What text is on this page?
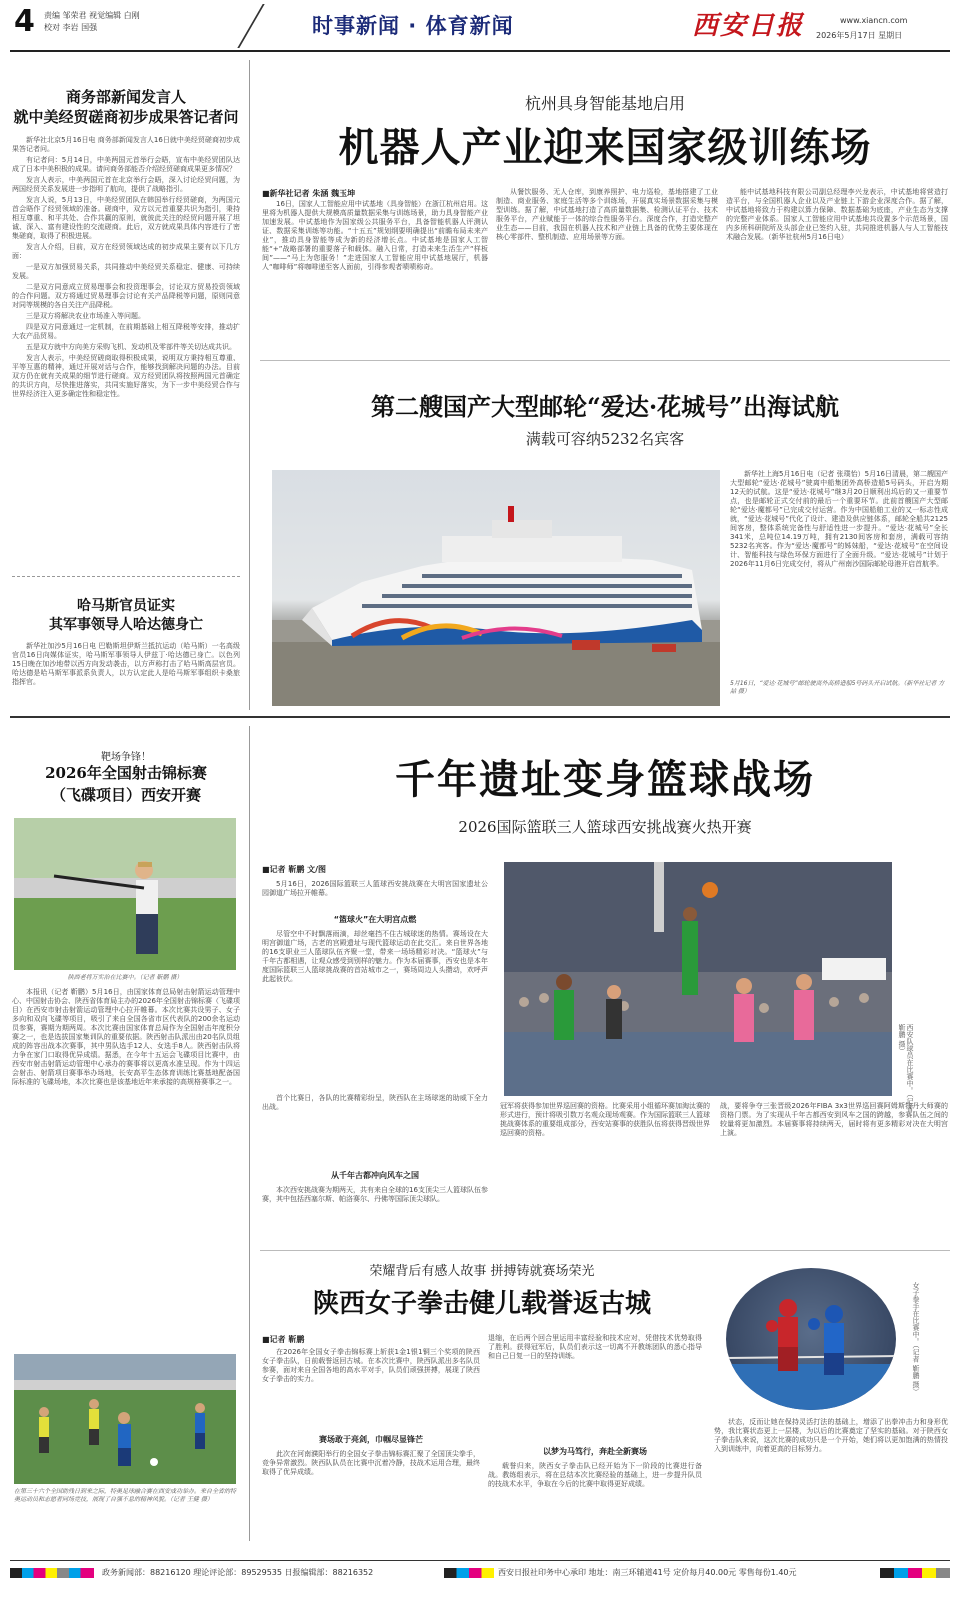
4 责编 邹荣君 视觉编辑 白刚
校对 李岩 国强	时事新闻 · 体育新闻	西安日报	www.xiancn.com
2026年5月17日 星期日
商务部新闻发言人
就中美经贸磋商初步成果答记者问

新华社北京5月16日电 商务部新闻发言人16日就中美经贸磋商初步成果答记者问。

有记者问：5月14日，中美两国元首举行会晤，宣布中美经贸团队达成了日本中美积极的成果。请问商务部能否介绍经贸磋商成果更多情况？

发言人表示，中美两国元首在北京举行会晤，深入讨论经贸问题，为两国经贸关系发展进一步指明了航向，提供了战略指引。

发言人说，5月13日，中美经贸团队在韩国举行经贸磋商，为两国元首会晤作了经贸领域的准备。磋商中，双方以元首重要共识为指引，秉持相互尊重、和平共处、合作共赢的原则，就彼此关注的经贸问题开展了坦诚、深入、富有建设性的交流磋商。此后，双方就成果具体内容进行了密集磋商，取得了积极进展。

发言人介绍，目前，双方在经贸领域达成的初步成果主要有以下几方面：

一是双方加强贸易关系，共同推动中美经贸关系稳定、健康、可持续发展。

二是双方同意成立贸易理事会和投资理事会，讨论双方贸易投资领域的合作问题。双方将通过贸易理事会讨论有关产品降税等问题，原则同意对同等规模的各自关注产品降税。

三是双方将解决农业市场准入等问题。

四是双方同意通过一定机制，在前期基础上相互降税等安排，推动扩大农产品贸易。

五是双方就中方向美方采购飞机、发动机及零部件等关切达成共识。

发言人表示，中美经贸磋商取得积极成果，说明双方秉持相互尊重、平等互惠的精神，通过开展对话与合作，能够找到解决问题的办法。目前双方仍在就有关成果的细节进行磋商。双方经贸团队将按照两国元首确定的共识方向，尽快推进落实，共同实施好落实，为下一步中美经贸合作与世界经济注入更多确定性和稳定性。

哈马斯官员证实
其军事领导人哈达德身亡
新华社加沙5月16日电 巴勒斯坦伊斯兰抵抗运动（哈马斯）一名高级官员16日向媒体证实，哈马斯军事领导人伊兹丁·哈达德已身亡。以色列15日晚在加沙地带以西方向发动袭击，以方声称打击了哈马斯高层官员。哈达德是哈马斯军事派系负责人，以方认定此人是哈马斯军事组织卡桑旅指挥官。
杭州具身智能基地启用
机器人产业迎来国家级训练场
■新华社记者 朱涵 魏玉坤
16日，国家人工智能应用中试基地（具身智能）在浙江杭州启用。这里将为机器人提供大规模高质量数据采集与训练场景，助力具身智能产业加速发展。中试基地作为国家级公共服务平台，具备智能机器人评测认证、数据采集训练等功能。“十五五”规划纲要明确提出“前瞻布局未来产业”，推动具身智能等成为新的经济增长点。中试基地是国家人工智能“+”战略部署的重要落子和载体。融入日常，打造未来生活生产“样板间”——“马上为您服务！”走进国家人工智能应用中试基地展厅，机器人“咖啡师”将咖啡递至客人面前，引得参观者啧啧称奇。
从餐饮服务、无人仓库，到康养照护、电力巡检，基地搭建了工业制造、商业服务、家庭生活等多个训练场，开展真实场景数据采集与模型训练。据了解，中试基地打造了高质量数据集、检测认证平台、技术服务平台，产业赋能于一体的综合性服务平台。深度合作，打造完整产业生态——目前，我国在机器人技术和产业链上具备的优势主要体现在核心零部件、整机制造、应用场景等方面。
能中试基地科技有限公司副总经理李兴龙表示，中试基地将营造打造平台，与全国机器人企业以及产业链上下游企业深度合作。据了解，中试基地将致力于构建以算力保障、数据基础为底座，产业生态为支撑的完整产业体系。国家人工智能应用中试基地共设置多个示范场景，国内多所科研院所及头部企业已签约入驻，共同推进机器人与人工智能技术融合发展。（新华社杭州5月16日电）
第二艘国产大型邮轮“爱达·花城号”出海试航
满载可容纳5232名宾客
新华社上海5月16日电（记者 张璞怡）5月16日清晨，第二艘国产大型邮轮“爱达·花城号”驶离中船集团外高桥造船5号码头，开启为期12天的试航。这是“爱达·花城号”继3月20日顺利出坞后的又一重要节点，也是邮轮正式交付前的最后一个重要环节。此前首艘国产大型邮轮“爱达·魔都号”已完成交付运营。作为中国船舶工业的又一标志性成就，“爱达·花城号”代化了设计、建造及供应链体系，邮轮全船共2125间客房，整体系统完备性与舒适性进一步提升。“爱达·花城号”全长341米，总吨位14.19万吨，拥有2130间客房和套房，满载可容纳5232名宾客。作为“爱达·魔都号”的姊妹船，“爱达·花城号”在空间设计、智能科技与绿色环保方面进行了全面升级。“爱达·花城号”计划于2026年11月6日完成交付，将从广州南沙国际邮轮母港开启首航季。
5月16日，“爱达·花城号”邮轮驶离外高桥造船5号码头开启试航。（新华社记者 方喆 摄）
靶场争锋！
2026年全国射击锦标赛
（飞碟项目）西安开赛
陕西老将万实治在比赛中。（记者 靳鹏 摄）
本报讯（记者 靳鹏）5月16日，由国家体育总局射击射箭运动管理中心、中国射击协会、陕西省体育局主办的2026年全国射击锦标赛（飞碟项目）在西安市射击射箭运动管理中心拉开帷幕。本次比赛共设男子、女子多向和双向飞碟等项目，吸引了来自全国各省市区代表队的200余名运动员参赛，赛期为期两周。本次比赛由国家体育总局作为全国射击年度积分赛之一，也是选拔国家集训队的重要依据。陕西射击队派出由20名队员组成的阵容出战本次赛事，其中男队选手12人、女选手8人。陕西射击队将力争在家门口取得优异成绩。据悉，在今年十五运会飞碟项目比赛中，由西安市射击射箭运动管理中心承办的赛事将以更高水准呈现。作为十四运会射击、射箭项目赛事举办场地，长安高平生态体育训练比赛基地配备国际标准的飞碟场地，本次比赛也是该基地近年来承接的高规格赛事之一。
在第三十六个全国助残日到来之际，特奥足球融合赛在西安成功举办。来自全省的特奥运动员和志愿者同场竞技，展现了自强不息的精神风貌。（记者 王健 摄）
千年遗址变身篮球战场
2026国际篮联三人篮球西安挑战赛火热开赛
■记者 靳鹏 文/图
5月16日，2026国际篮联三人篮球西安挑战赛在大明宫国家遗址公园御道广场拉开帷幕。
“篮球火”在大明宫点燃
尽管空中不时飘落雨滴，却丝毫挡不住古城球迷的热情。赛场设在大明宫御道广场，古老的宫殿遗址与现代篮球运动在此交汇。来自世界各地的16支职业三人篮球队伍齐聚一堂，带来一场场精彩对决。“篮球火”与千年古都相遇，让观众感受到别样的魅力。作为本届赛事，西安也是本年度国际篮联三人篮球挑战赛的首站城市之一，赛场周边人头攒动，欢呼声此起彼伏。
首个比赛日，各队的比赛精彩纷呈，陕西队在主场球迷的助威下全力出战。
从千年古都冲向风车之国
本次西安挑战赛为期两天，共有来自全球的16支顶尖三人篮球队伍参赛，其中包括西塞尔斯、帕洛赛尔、丹佛等国际顶尖球队。
西安队球员在比赛中。（记者 靳鹏 摄）
冠军将获得参加世界巡回赛的资格。比赛采用小组循环赛加淘汰赛的形式进行，预计将吸引数万名观众现场观赛。作为国际篮联三人篮球挑战赛体系的重要组成部分，西安站赛事的获胜队伍将获得晋级世界巡回赛的资格。
战，要将争夺三张晋级2026年FIBA 3x3世界巡回赛阿姆斯特丹大师赛的资格门票。为了实现从千年古都西安到风车之国的跨越，参赛队伍之间的较量将更加激烈。本届赛事将持续两天，届时将有更多精彩对决在大明宫上演。
荣耀背后有感人故事 拼搏铸就赛场荣光
陕西女子拳击健儿载誉返古城
■记者 靳鹏
在2026年全国女子拳击锦标赛上斩获1金1银1铜三个奖项的陕西女子拳击队，日前载誉返回古城。在本次比赛中，陕西队派出多名队员参赛，面对来自全国各地的高水平对手，队员们顽强拼搏，展现了陕西女子拳击的实力。
赛场敢于亮剑，巾帼尽显锋芒
此次在河南濮阳举行的全国女子拳击锦标赛汇聚了全国顶尖拳手，竞争异常激烈。陕西队队员在比赛中沉着冷静，技战术运用合理，最终取得了优异成绩。
退缩，在后两个回合里运用丰富经验和技术应对，凭借技术优势取得了胜利。获得冠军后，队员们表示这一切离不开教练团队的悉心指导和自己日复一日的坚持训练。
以梦为马笃行，奔赴全新赛场
载誉归来，陕西女子拳击队已经开始为下一阶段的比赛进行备战。教练组表示，将在总结本次比赛经验的基础上，进一步提升队员的技战术水平，争取在今后的比赛中取得更好成绩。
女子拳手在比赛中。（记者 靳鹏 摄）
状态，反而让她在保持灵活打法的基础上，增添了出拳冲击力和身形优势，我比赛状态更上一层楼，为以后的比赛奠定了坚实的基础。对于陕西女子拳击队来说，这次比赛的成功只是一个开始，她们将以更加饱满的热情投入到训练中，向着更高的目标努力。
政务新闻部：88216120 理论评论部：89529535 日报编辑部：88216352	西安日报社印务中心承印 地址：南三环辅道41号 定价每月40.00元 零售每份1.40元
